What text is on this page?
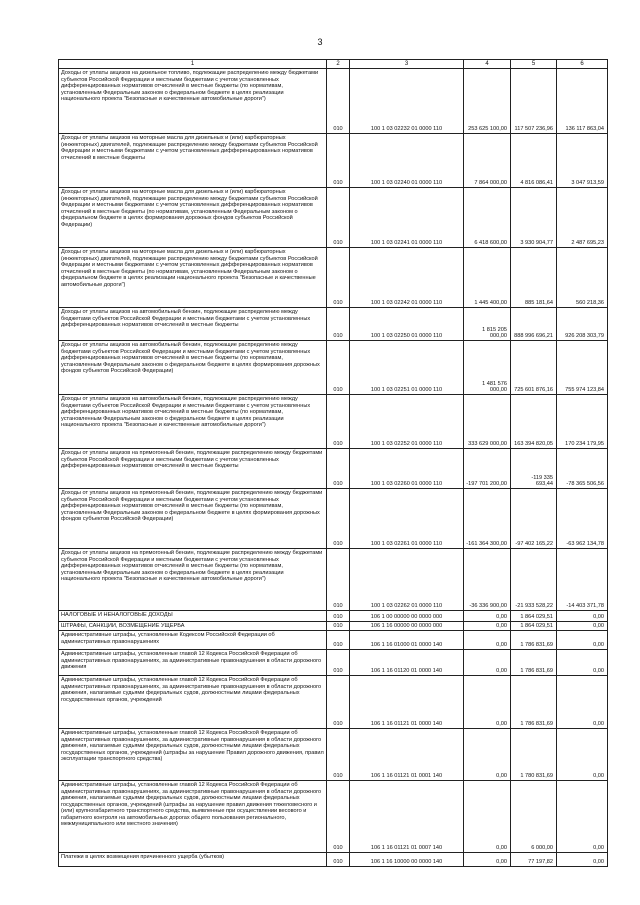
3
1	2	3	4	5	6

Доходы от уплаты акцизов на дизельное топливо, подлежащие распределению между бюджетами субъектов Российской Федерации и местными бюджетами с учетом установленных дифференцированных нормативов отчислений в местные бюджеты (по нормативам, установленным Федеральным законом о федеральном бюджете в целях реализации национального проекта "Безопасные и качественные автомобильные дороги")	010	100 1 03 02232 01 0000 110	253 625 100,00	117 507 236,96	136 117 863,04

Доходы от уплаты акцизов на моторные масла для дизельных и (или) карбюраторных (инжекторных) двигателей, подлежащие распределению между бюджетами субъектов Российской Федерации и местными бюджетами с учетом установленных дифференцированных нормативов отчислений в местные бюджеты	010	100 1 03 02240 01 0000 110	7 864 000,00	4 816 086,41	3 047 913,59

Доходы от уплаты акцизов на моторные масла для дизельных и (или) карбюраторных (инжекторных) двигателей, подлежащие распределению между бюджетами субъектов Российской Федерации и местными бюджетами с учетом установленных дифференцированных нормативов отчислений в местные бюджеты (по нормативам, установленным Федеральным законом о федеральном бюджете в целях формирования дорожных фондов субъектов Российской Федерации)	010	100 1 03 02241 01 0000 110	6 418 600,00	3 930 904,77	2 487 695,23

Доходы от уплаты акцизов на моторные масла для дизельных и (или) карбюраторных (инжекторных) двигателей, подлежащие распределению между бюджетами субъектов Российской Федерации и местными бюджетами с учетом установленных дифференцированных нормативов отчислений в местные бюджеты (по нормативам, установленным Федеральным законом о федеральном бюджете в целях реализации национального проекта "Безопасные и качественные автомобильные дороги")	010	100 1 03 02242 01 0000 110	1 445 400,00	885 181,64	560 218,36

Доходы от уплаты акцизов на автомобильный бензин, подлежащие распределению между бюджетами субъектов Российской Федерации и местными бюджетами с учетом установленных дифференцированных нормативов отчислений в местные бюджеты	010	100 1 03 02250 01 0000 110	1 815 205 000,00	888 996 696,21	926 208 303,79

Доходы от уплаты акцизов на автомобильный бензин, подлежащие распределению между бюджетами субъектов Российской Федерации и местными бюджетами с учетом установленных дифференцированных нормативов отчислений в местные бюджеты (по нормативам, установленным Федеральным законом о федеральном бюджете в целях формирования дорожных фондов субъектов Российской Федерации)	010	100 1 03 02251 01 0000 110	1 481 576 000,00	725 601 876,16	755 974 123,84

Доходы от уплаты акцизов на автомобильный бензин, подлежащие распределению между бюджетами субъектов Российской Федерации и местными бюджетами с учетом установленных дифференцированных нормативов отчислений в местные бюджеты (по нормативам, установленным Федеральным законом о федеральном бюджете в целях реализации национального проекта "Безопасные и качественные автомобильные дороги")	010	100 1 03 02252 01 0000 110	333 629 000,00	163 394 820,05	170 234 179,95

Доходы от уплаты акцизов на прямогонный бензин, подлежащие распределению между бюджетами субъектов Российской Федерации и местными бюджетами с учетом установленных дифференцированных нормативов отчислений в местные бюджеты	010	100 1 03 02260 01 0000 110	-197 701 200,00	-119 335 693,44	-78 365 506,56

Доходы от уплаты акцизов на прямогонный бензин, подлежащие распределению между бюджетами субъектов Российской Федерации и местными бюджетами с учетом установленных дифференцированных нормативов отчислений в местные бюджеты (по нормативам, установленным Федеральным законом о федеральном бюджете в целях формирования дорожных фондов субъектов Российской Федерации)	010	100 1 03 02261 01 0000 110	-161 364 300,00	-97 402 165,22	-63 962 134,78

Доходы от уплаты акцизов на прямогонный бензин, подлежащие распределению между бюджетами субъектов Российской Федерации и местными бюджетами с учетом установленных дифференцированных нормативов отчислений в местные бюджеты (по нормативам, установленным Федеральным законом о федеральном бюджете в целях реализации национального проекта "Безопасные и качественные автомобильные дороги")	010	100 1 03 02262 01 0000 110	-36 336 900,00	-21 933 528,22	-14 403 371,78

НАЛОГОВЫЕ И НЕНАЛОГОВЫЕ ДОХОДЫ	010	106 1 00 00000 00 0000 000	0,00	1 864 029,51	0,00

ШТРАФЫ, САНКЦИИ, ВОЗМЕЩЕНИЕ УЩЕРБА	010	106 1 16 00000 00 0000 000	0,00	1 864 029,51	0,00

Административные штрафы, установленные Кодексом Российской Федерации об административных правонарушениях	010	106 1 16 01000 01 0000 140	0,00	1 786 831,69	0,00

Административные штрафы, установленные главой 12 Кодекса Российской Федерации об административных правонарушениях, за административные правонарушения в области дорожного движения	010	106 1 16 01120 01 0000 140	0,00	1 786 831,69	0,00

Административные штрафы, установленные главой 12 Кодекса Российской Федерации об административных правонарушениях, за административные правонарушения в области дорожного движения, налагаемые судьями федеральных судов, должностными лицами федеральных государственных органов, учреждений	010	106 1 16 01121 01 0000 140	0,00	1 786 831,69	0,00

Административные штрафы, установленные главой 12 Кодекса Российской Федерации об административных правонарушениях, за административные правонарушения в области дорожного движения, налагаемые судьями федеральных судов, должностными лицами федеральных государственных органов, учреждений (штрафы за нарушение Правил дорожного движения, правил эксплуатации транспортного средства)	010	106 1 16 01121 01 0001 140	0,00	1 780 831,69	0,00

Административные штрафы, установленные главой 12 Кодекса Российской Федерации об административных правонарушениях, за административные правонарушения в области дорожного движения, налагаемые судьями федеральных судов, должностными лицами федеральных государственных органов, учреждений (штрафы за нарушение правил движения тяжеловесного и (или) крупногабаритного транспортного средства, выявленные при осуществлении весового и габаритного контроля на автомобильных дорогах общего пользования регионального, межмуниципального или местного значения)	010	106 1 16 01121 01 0007 140	0,00	6 000,00	0,00

Платежи в целях возмещения причиненного ущерба (убытков)	010	106 1 16 10000 00 0000 140	0,00	77 197,82	0,00
